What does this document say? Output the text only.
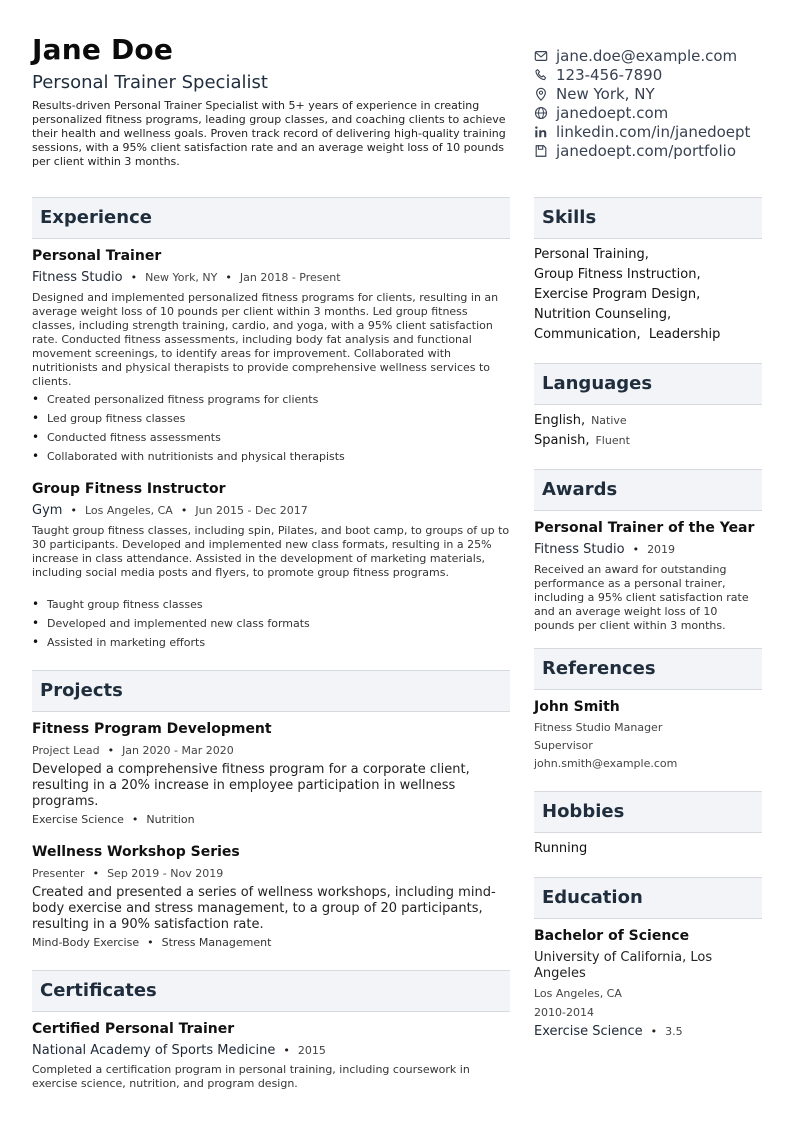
Jane Doe
Personal Trainer Specialist
Results-driven Personal Trainer Specialist with 5+ years of experience in creating personalized fitness programs, leading group classes, and coaching clients to achieve their health and wellness goals. Proven track record of delivering high-quality training sessions, with a 95% client satisfaction rate and an average weight loss of 10 pounds per client within 3 months.
jane.doe@example.com
123-456-7890
New York, NY
janedoept.com
linkedin.com/in/janedoept
janedoept.com/portfolio
Experience
Personal Trainer
Fitness Studio • New York, NY • Jan 2018 - Present
Designed and implemented personalized fitness programs for clients, resulting in an average weight loss of 10 pounds per client within 3 months. Led group fitness classes, including strength training, cardio, and yoga, with a 95% client satisfaction rate. Conducted fitness assessments, including body fat analysis and functional movement screenings, to identify areas for improvement. Collaborated with nutritionists and physical therapists to provide comprehensive wellness services to clients.
• Created personalized fitness programs for clients
• Led group fitness classes
• Conducted fitness assessments
• Collaborated with nutritionists and physical therapists
Group Fitness Instructor
Gym • Los Angeles, CA • Jun 2015 - Dec 2017
Taught group fitness classes, including spin, Pilates, and boot camp, to groups of up to 30 participants. Developed and implemented new class formats, resulting in a 25% increase in class attendance. Assisted in the development of marketing materials, including social media posts and flyers, to promote group fitness programs.
• Taught group fitness classes
• Developed and implemented new class formats
• Assisted in marketing efforts
Projects
Fitness Program Development
Project Lead • Jan 2020 - Mar 2020
Developed a comprehensive fitness program for a corporate client, resulting in a 20% increase in employee participation in wellness programs.
Exercise Science • Nutrition
Wellness Workshop Series
Presenter • Sep 2019 - Nov 2019
Created and presented a series of wellness workshops, including mind-body exercise and stress management, to a group of 20 participants, resulting in a 90% satisfaction rate.
Mind-Body Exercise • Stress Management
Certificates
Certified Personal Trainer
National Academy of Sports Medicine • 2015
Completed a certification program in personal training, including coursework in exercise science, nutrition, and program design.
Skills
Personal Training,
Group Fitness Instruction,
Exercise Program Design,
Nutrition Counseling,
Communication, Leadership
Languages
English, Native
Spanish, Fluent
Awards
Personal Trainer of the Year
Fitness Studio • 2019
Received an award for outstanding performance as a personal trainer, including a 95% client satisfaction rate and an average weight loss of 10 pounds per client within 3 months.
References
John Smith
Fitness Studio Manager
Supervisor
john.smith@example.com
Hobbies
Running
Education
Bachelor of Science
University of California, Los Angeles
Los Angeles, CA
2010-2014
Exercise Science • 3.5
